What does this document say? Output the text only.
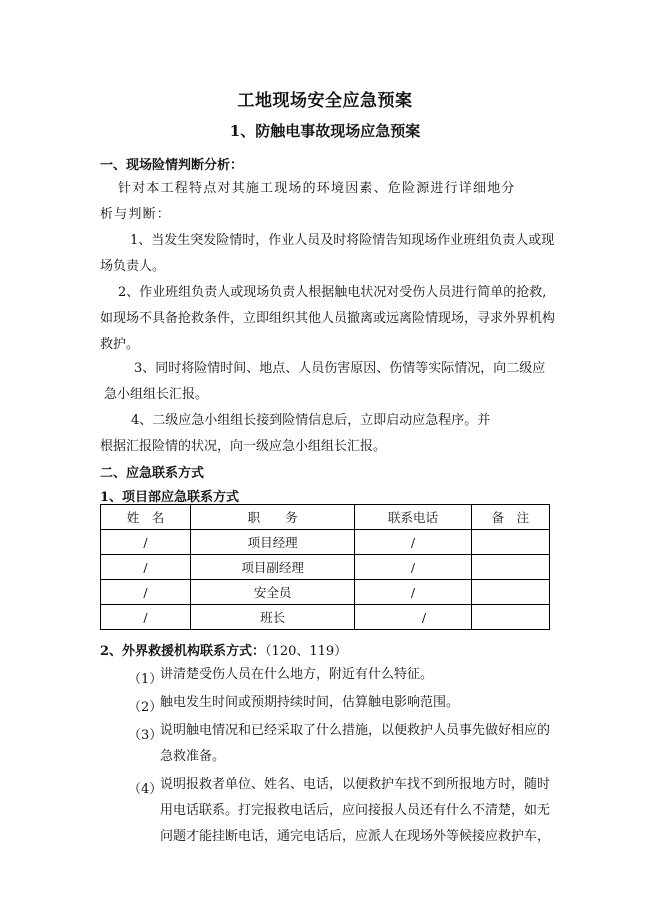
工地现场安全应急预案
1、防触电事故现场应急预案
一、现场险情判断分析：
针对本工程特点对其施工现场的环境因素、危险源进行详细地分
析与判断：
1、当发生突发险情时，作业人员及时将险情告知现场作业班组负责人或现
场负责人。
2、作业班组负责人或现场负责人根据触电状况对受伤人员进行简单的抢救,
如现场不具备抢救条件，立即组织其他人员撤离或远离险情现场，寻求外界机构
救护。
3、同时将险情时间、地点、人员伤害原因、伤情等实际情况，向二级应
急小组组长汇报。
4、二级应急小组组长接到险情信息后，立即启动应急程序。并
根据汇报险情的状况，向一级应急小组组长汇报。
二、应急联系方式
1、项目部应急联系方式
姓　名	职　　务	联系电话	备　注
/	项目经理	/	
/	项目副经理	/	
/	安全员	/	
/	班长	/	
2、外界救援机构联系方式：（120、119）
（1）
讲清楚受伤人员在什么地方，附近有什么特征。
（2）
触电发生时间或预期持续时间，估算触电影响范围。
（3）
说明触电情况和已经采取了什么措施，以便救护人员事先做好相应的
急救准备。
（4）
说明报救者单位、姓名、电话，以便救护车找不到所报地方时，随时
用电话联系。打完报救电话后，应问接报人员还有什么不清楚，如无
问题才能挂断电话，通完电话后，应派人在现场外等候接应救护车，
